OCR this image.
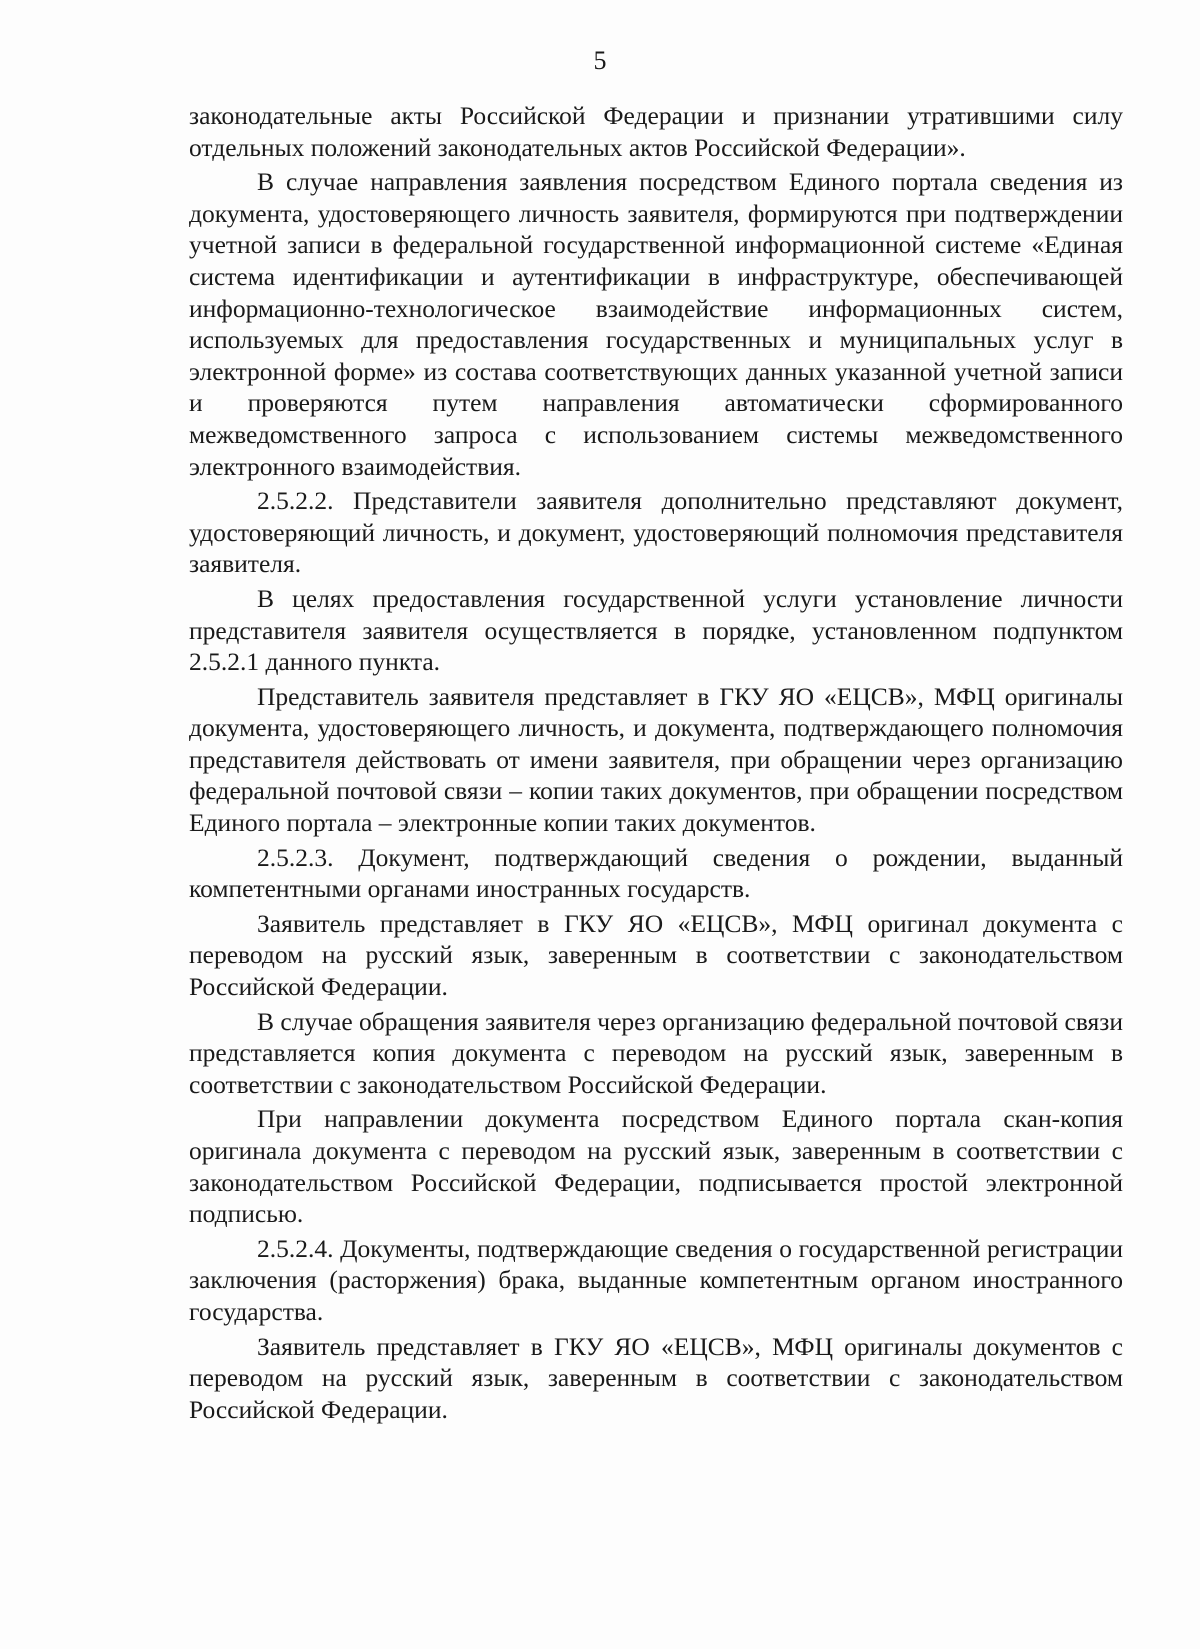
5

законодательные акты Российской Федерации и признании утратившими силу отдельных положений законодательных актов Российской Федерации».

В случае направления заявления посредством Единого портала сведения из документа, удостоверяющего личность заявителя, формируются при подтверждении учетной записи в федеральной государственной информационной системе «Единая система идентификации и аутентификации в инфраструктуре, обеспечивающей информационно-технологическое взаимодействие информационных систем, используемых для предоставления государственных и муниципальных услуг в электронной форме» из состава соответствующих данных указанной учетной записи и проверяются путем направления автоматически сформированного межведомственного запроса с использованием системы межведомственного электронного взаимодействия.

2.5.2.2. Представители заявителя дополнительно представляют документ, удостоверяющий личность, и документ, удостоверяющий полномочия представителя заявителя.

В целях предоставления государственной услуги установление личности представителя заявителя осуществляется в порядке, установленном подпунктом 2.5.2.1 данного пункта.

Представитель заявителя представляет в ГКУ ЯО «ЕЦСВ», МФЦ оригиналы документа, удостоверяющего личность, и документа, подтверждающего полномочия представителя действовать от имени заявителя, при обращении через организацию федеральной почтовой связи – копии таких документов, при обращении посредством Единого портала – электронные копии таких документов.

2.5.2.3. Документ, подтверждающий сведения о рождении, выданный компетентными органами иностранных государств.

Заявитель представляет в ГКУ ЯО «ЕЦСВ», МФЦ оригинал документа с переводом на русский язык, заверенным в соответствии с законодательством Российской Федерации.

В случае обращения заявителя через организацию федеральной почтовой связи представляется копия документа с переводом на русский язык, заверенным в соответствии с законодательством Российской Федерации.

При направлении документа посредством Единого портала скан-копия оригинала документа с переводом на русский язык, заверенным в соответствии с законодательством Российской Федерации, подписывается простой электронной подписью.

2.5.2.4. Документы, подтверждающие сведения о государственной регистрации заключения (расторжения) брака, выданные компетентным органом иностранного государства.

Заявитель представляет в ГКУ ЯО «ЕЦСВ», МФЦ оригиналы документов с переводом на русский язык, заверенным в соответствии с законодательством Российской Федерации.
